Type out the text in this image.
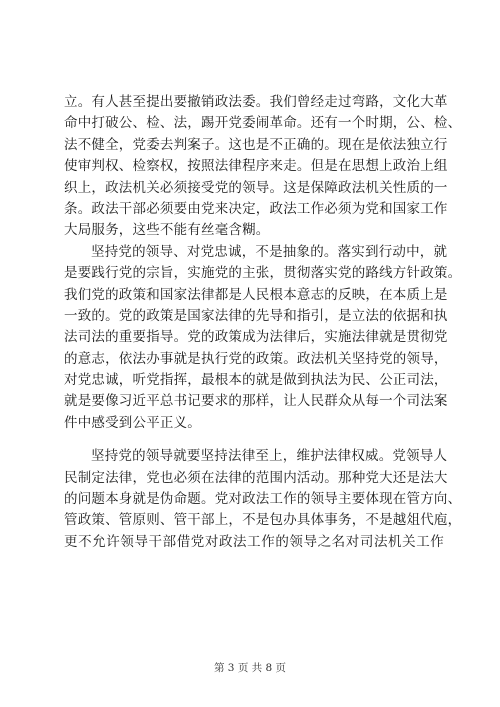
立。有人甚至提出要撤销政法委。我们曾经走过弯路，文化大革
命中打破公、检、法，踢开党委闹革命。还有一个时期，公、检、
法不健全，党委去判案子。这也是不正确的。现在是依法独立行
使审判权、检察权，按照法律程序来走。但是在思想上政治上组
织上，政法机关必须接受党的领导。这是保障政法机关性质的一
条。政法干部必须要由党来决定，政法工作必须为党和国家工作
大局服务，这些不能有丝毫含糊。
坚持党的领导、对党忠诚，不是抽象的。落实到行动中，就
是要践行党的宗旨，实施党的主张，贯彻落实党的路线方针政策。
我们党的政策和国家法律都是人民根本意志的反映，在本质上是
一致的。党的政策是国家法律的先导和指引，是立法的依据和执
法司法的重要指导。党的政策成为法律后，实施法律就是贯彻党
的意志，依法办事就是执行党的政策。政法机关坚持党的领导，
对党忠诚，听党指挥，最根本的就是做到执法为民、公正司法，
就是要像习近平总书记要求的那样，让人民群众从每一个司法案
件中感受到公平正义。
坚持党的领导就要坚持法律至上，维护法律权威。党领导人
民制定法律，党也必须在法律的范围内活动。那种党大还是法大
的问题本身就是伪命题。党对政法工作的领导主要体现在管方向、
管政策、管原则、管干部上，不是包办具体事务，不是越俎代庖，
更不允许领导干部借党对政法工作的领导之名对司法机关工作
第 3 页 共 8 页
